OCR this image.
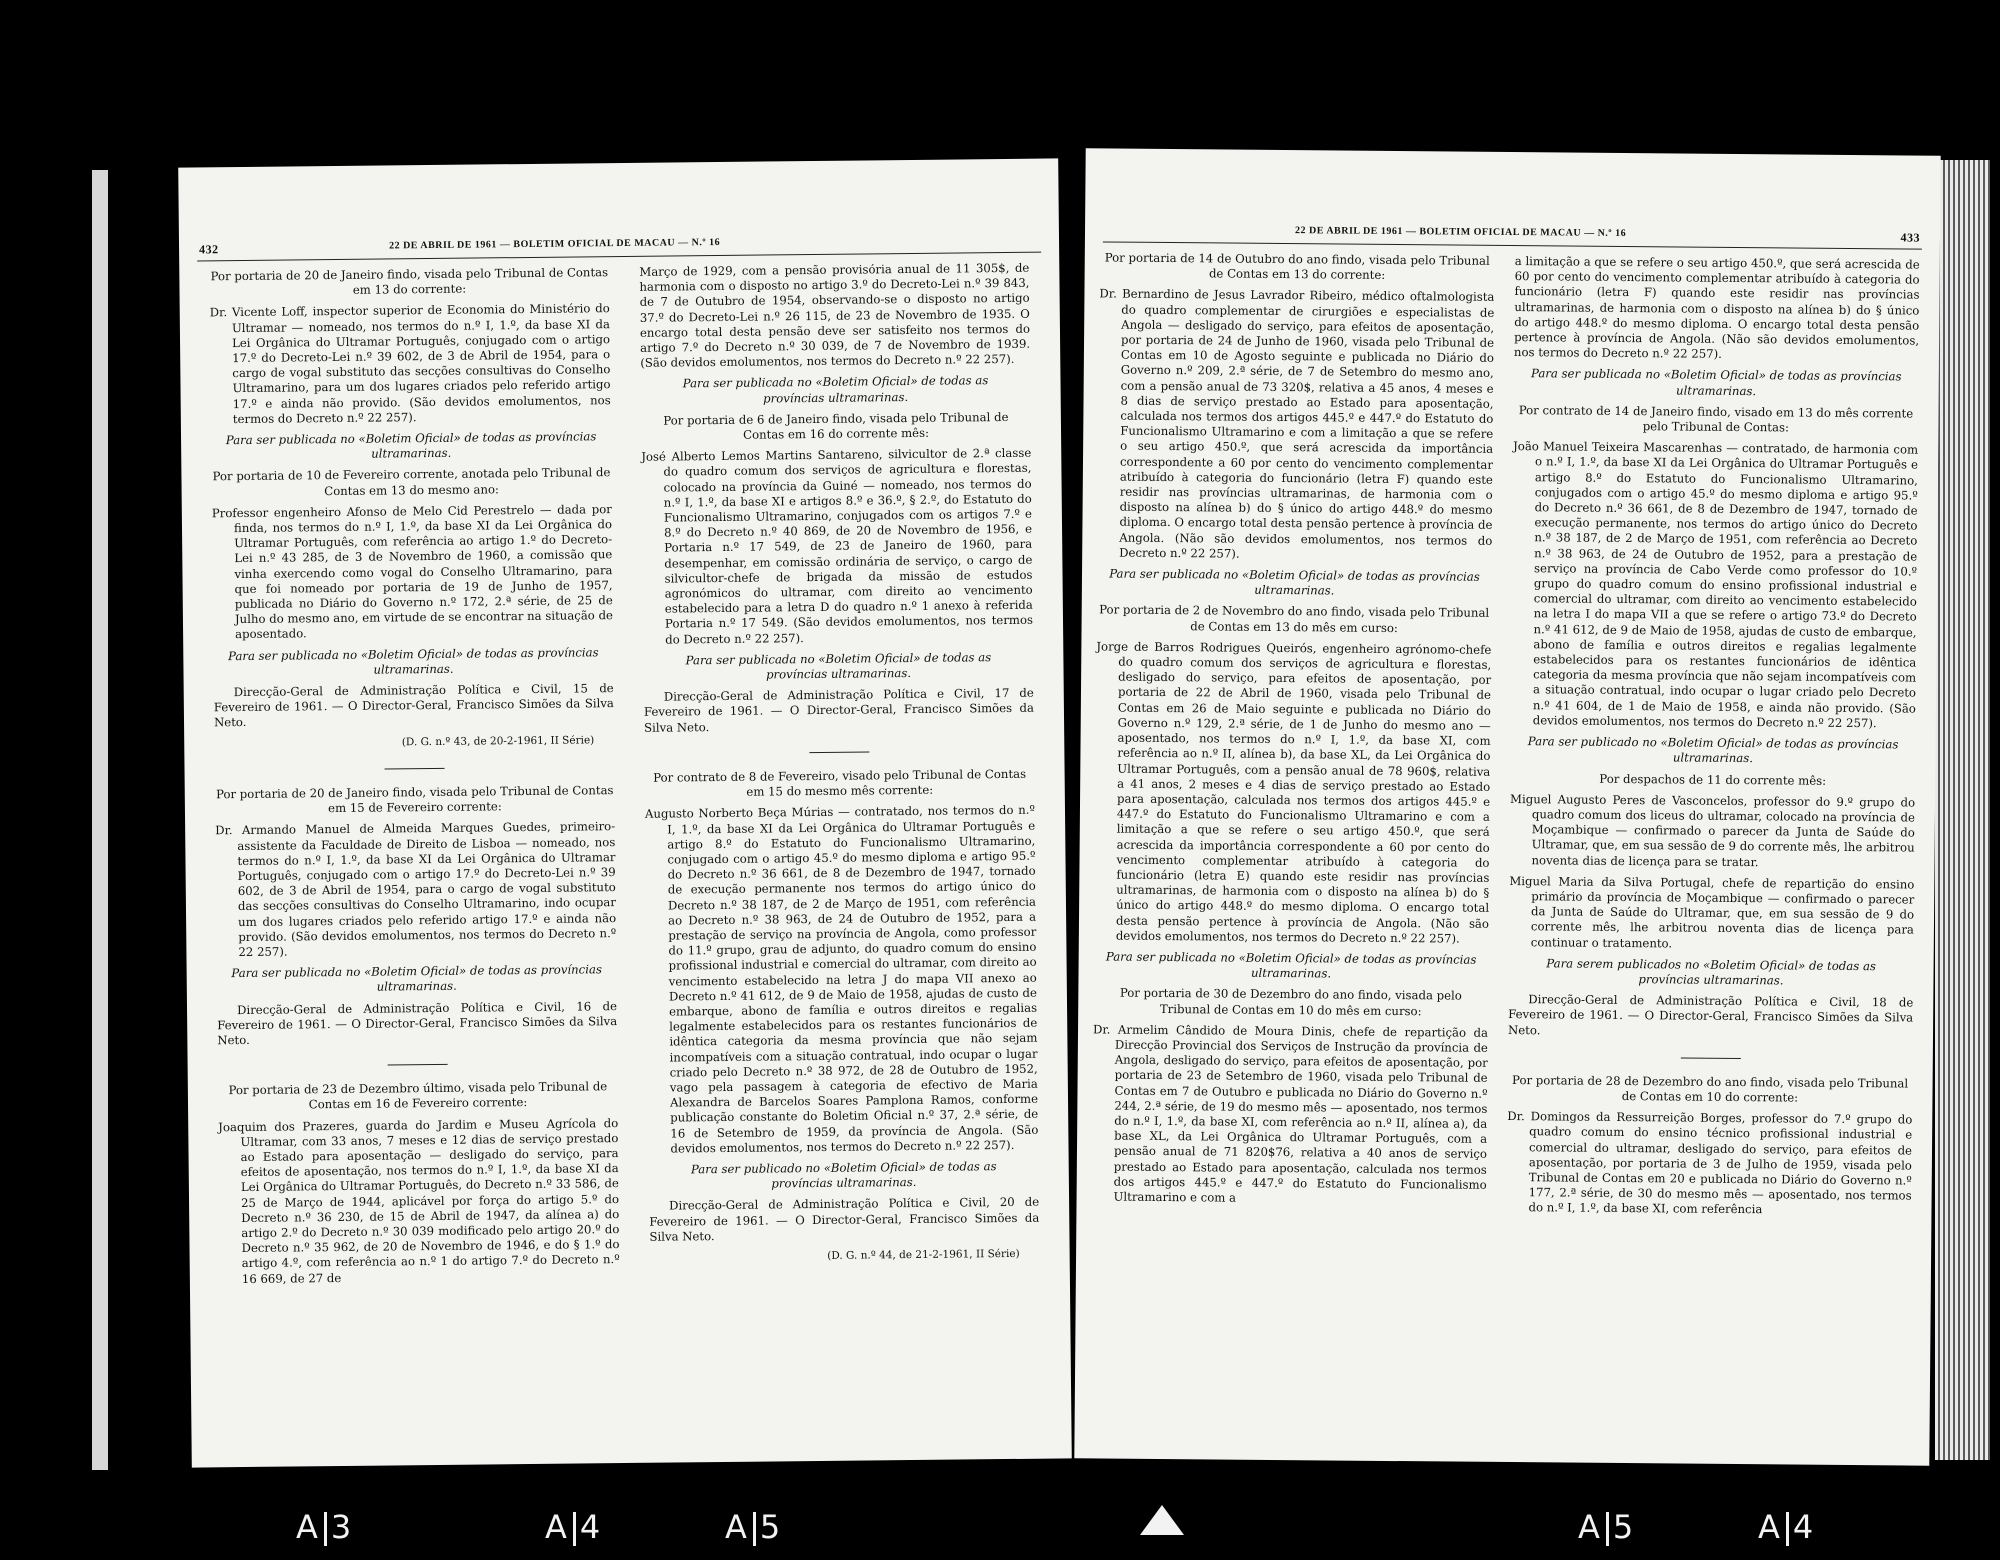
432	22 DE ABRIL DE 1961 — BOLETIM OFICIAL DE MACAU — N.º 16
Por portaria de 20 de Janeiro findo, visada pelo Tribunal de Contas em 13 do corrente:
Dr. Vicente Loff, inspector superior de Economia do Ministério do Ultramar — nomeado, nos termos do n.º I, 1.º, da base XI da Lei Orgânica do Ultramar Português, conjugado com o artigo 17.º do Decreto-Lei n.º 39 602, de 3 de Abril de 1954, para o cargo de vogal substituto das secções consultivas do Conselho Ultramarino, para um dos lugares criados pelo referido artigo 17.º e ainda não provido. (São devidos emolumentos, nos termos do Decreto n.º 22 257).
Para ser publicada no «Boletim Oficial» de todas as províncias ultramarinas.
Por portaria de 10 de Fevereiro corrente, anotada pelo Tribunal de Contas em 13 do mesmo ano:
Professor engenheiro Afonso de Melo Cid Perestrelo — dada por finda, nos termos do n.º I, 1.º, da base XI da Lei Orgânica do Ultramar Português, com referência ao artigo 1.º do Decreto-Lei n.º 43 285, de 3 de Novembro de 1960, a comissão que vinha exercendo como vogal do Conselho Ultramarino, para que foi nomeado por portaria de 19 de Junho de 1957, publicada no Diário do Governo n.º 172, 2.ª série, de 25 de Julho do mesmo ano, em virtude de se encontrar na situação de aposentado.
Para ser publicada no «Boletim Oficial» de todas as províncias ultramarinas.
Direcção-Geral de Administração Política e Civil, 15 de Fevereiro de 1961. — O Director-Geral, Francisco Simões da Silva Neto.
(D. G. n.º 43, de 20-2-1961, II Série)
Por portaria de 20 de Janeiro findo, visada pelo Tribunal de Contas em 15 de Fevereiro corrente:
Dr. Armando Manuel de Almeida Marques Guedes, primeiro-assistente da Faculdade de Direito de Lisboa — nomeado, nos termos do n.º I, 1.º, da base XI da Lei Orgânica do Ultramar Português, conjugado com o artigo 17.º do Decreto-Lei n.º 39 602, de 3 de Abril de 1954, para o cargo de vogal substituto das secções consultivas do Conselho Ultramarino, indo ocupar um dos lugares criados pelo referido artigo 17.º e ainda não provido. (São devidos emolumentos, nos termos do Decreto n.º 22 257).
Para ser publicada no «Boletim Oficial» de todas as províncias ultramarinas.
Direcção-Geral de Administração Política e Civil, 16 de Fevereiro de 1961. — O Director-Geral, Francisco Simões da Silva Neto.
Por portaria de 23 de Dezembro último, visada pelo Tribunal de Contas em 16 de Fevereiro corrente:
Joaquim dos Prazeres, guarda do Jardim e Museu Agrícola do Ultramar, com 33 anos, 7 meses e 12 dias de serviço prestado ao Estado para aposentação — desligado do serviço, para efeitos de aposentação, nos termos do n.º I, 1.º, da base XI da Lei Orgânica do Ultramar Português, do Decreto n.º 33 586, de 25 de Março de 1944, aplicável por força do artigo 5.º do Decreto n.º 36 230, de 15 de Abril de 1947, da alínea a) do artigo 2.º do Decreto n.º 30 039 modificado pelo artigo 20.º do Decreto n.º 35 962, de 20 de Novembro de 1946, e do § 1.º do artigo 4.º, com referência ao n.º 1 do artigo 7.º do Decreto n.º 16 669, de 27 de
Março de 1929, com a pensão provisória anual de 11 305$, de harmonia com o disposto no artigo 3.º do Decreto-Lei n.º 39 843, de 7 de Outubro de 1954, observando-se o disposto no artigo 37.º do Decreto-Lei n.º 26 115, de 23 de Novembro de 1935. O encargo total desta pensão deve ser satisfeito nos termos do artigo 7.º do Decreto n.º 30 039, de 7 de Novembro de 1939. (São devidos emolumentos, nos termos do Decreto n.º 22 257).
Para ser publicada no «Boletim Oficial» de todas as províncias ultramarinas.
Por portaria de 6 de Janeiro findo, visada pelo Tribunal de Contas em 16 do corrente mês:
José Alberto Lemos Martins Santareno, silvicultor de 2.ª classe do quadro comum dos serviços de agricultura e florestas, colocado na província da Guiné — nomeado, nos termos do n.º I, 1.º, da base XI e artigos 8.º e 36.º, § 2.º, do Estatuto do Funcionalismo Ultramarino, conjugados com os artigos 7.º e 8.º do Decreto n.º 40 869, de 20 de Novembro de 1956, e Portaria n.º 17 549, de 23 de Janeiro de 1960, para desempenhar, em comissão ordinária de serviço, o cargo de silvicultor-chefe de brigada da missão de estudos agronómicos do ultramar, com direito ao vencimento estabelecido para a letra D do quadro n.º 1 anexo à referida Portaria n.º 17 549. (São devidos emolumentos, nos termos do Decreto n.º 22 257).
Para ser publicada no «Boletim Oficial» de todas as províncias ultramarinas.
Direcção-Geral de Administração Política e Civil, 17 de Fevereiro de 1961. — O Director-Geral, Francisco Simões da Silva Neto.
Por contrato de 8 de Fevereiro, visado pelo Tribunal de Contas em 15 do mesmo mês corrente:
Augusto Norberto Beça Múrias — contratado, nos termos do n.º I, 1.º, da base XI da Lei Orgânica do Ultramar Português e artigo 8.º do Estatuto do Funcionalismo Ultramarino, conjugado com o artigo 45.º do mesmo diploma e artigo 95.º do Decreto n.º 36 661, de 8 de Dezembro de 1947, tornado de execução permanente nos termos do artigo único do Decreto n.º 38 187, de 2 de Março de 1951, com referência ao Decreto n.º 38 963, de 24 de Outubro de 1952, para a prestação de serviço na província de Angola, como professor do 11.º grupo, grau de adjunto, do quadro comum do ensino profissional industrial e comercial do ultramar, com direito ao vencimento estabelecido na letra J do mapa VII anexo ao Decreto n.º 41 612, de 9 de Maio de 1958, ajudas de custo de embarque, abono de família e outros direitos e regalias legalmente estabelecidos para os restantes funcionários de idêntica categoria da mesma província que não sejam incompatíveis com a situação contratual, indo ocupar o lugar criado pelo Decreto n.º 38 972, de 28 de Outubro de 1952, vago pela passagem à categoria de efectivo de Maria Alexandra de Barcelos Soares Pamplona Ramos, conforme publicação constante do Boletim Oficial n.º 37, 2.ª série, de 16 de Setembro de 1959, da província de Angola. (São devidos emolumentos, nos termos do Decreto n.º 22 257).
Para ser publicado no «Boletim Oficial» de todas as províncias ultramarinas.
Direcção-Geral de Administração Política e Civil, 20 de Fevereiro de 1961. — O Director-Geral, Francisco Simões da Silva Neto.
(D. G. n.º 44, de 21-2-1961, II Série)
22 DE ABRIL DE 1961 — BOLETIM OFICIAL DE MACAU — N.º 16	433
Por portaria de 14 de Outubro do ano findo, visada pelo Tribunal de Contas em 13 do corrente:
Dr. Bernardino de Jesus Lavrador Ribeiro, médico oftalmologista do quadro complementar de cirurgiões e especialistas de Angola — desligado do serviço, para efeitos de aposentação, por portaria de 24 de Junho de 1960, visada pelo Tribunal de Contas em 10 de Agosto seguinte e publicada no Diário do Governo n.º 209, 2.ª série, de 7 de Setembro do mesmo ano, com a pensão anual de 73 320$, relativa a 45 anos, 4 meses e 8 dias de serviço prestado ao Estado para aposentação, calculada nos termos dos artigos 445.º e 447.º do Estatuto do Funcionalismo Ultramarino e com a limitação a que se refere o seu artigo 450.º, que será acrescida da importância correspondente a 60 por cento do vencimento complementar atribuído à categoria do funcionário (letra F) quando este residir nas províncias ultramarinas, de harmonia com o disposto na alínea b) do § único do artigo 448.º do mesmo diploma. O encargo total desta pensão pertence à província de Angola. (Não são devidos emolumentos, nos termos do Decreto n.º 22 257).
Para ser publicada no «Boletim Oficial» de todas as províncias ultramarinas.
Por portaria de 2 de Novembro do ano findo, visada pelo Tribunal de Contas em 13 do mês em curso:
Jorge de Barros Rodrigues Queirós, engenheiro agrónomo-chefe do quadro comum dos serviços de agricultura e florestas, desligado do serviço, para efeitos de aposentação, por portaria de 22 de Abril de 1960, visada pelo Tribunal de Contas em 26 de Maio seguinte e publicada no Diário do Governo n.º 129, 2.ª série, de 1 de Junho do mesmo ano — aposentado, nos termos do n.º I, 1.º, da base XI, com referência ao n.º II, alínea b), da base XL, da Lei Orgânica do Ultramar Português, com a pensão anual de 78 960$, relativa a 41 anos, 2 meses e 4 dias de serviço prestado ao Estado para aposentação, calculada nos termos dos artigos 445.º e 447.º do Estatuto do Funcionalismo Ultramarino e com a limitação a que se refere o seu artigo 450.º, que será acrescida da importância correspondente a 60 por cento do vencimento complementar atribuído à categoria do funcionário (letra E) quando este residir nas províncias ultramarinas, de harmonia com o disposto na alínea b) do § único do artigo 448.º do mesmo diploma. O encargo total desta pensão pertence à província de Angola. (Não são devidos emolumentos, nos termos do Decreto n.º 22 257).
Para ser publicada no «Boletim Oficial» de todas as províncias ultramarinas.
Por portaria de 30 de Dezembro do ano findo, visada pelo Tribunal de Contas em 10 do mês em curso:
Dr. Armelim Cândido de Moura Dinis, chefe de repartição da Direcção Provincial dos Serviços de Instrução da província de Angola, desligado do serviço, para efeitos de aposentação, por portaria de 23 de Setembro de 1960, visada pelo Tribunal de Contas em 7 de Outubro e publicada no Diário do Governo n.º 244, 2.ª série, de 19 do mesmo mês — aposentado, nos termos do n.º I, 1.º, da base XI, com referência ao n.º II, alínea a), da base XL, da Lei Orgânica do Ultramar Português, com a pensão anual de 71 820$76, relativa a 40 anos de serviço prestado ao Estado para aposentação, calculada nos termos dos artigos 445.º e 447.º do Estatuto do Funcionalismo Ultramarino e com a
a limitação a que se refere o seu artigo 450.º, que será acrescida de 60 por cento do vencimento complementar atribuído à categoria do funcionário (letra F) quando este residir nas províncias ultramarinas, de harmonia com o disposto na alínea b) do § único do artigo 448.º do mesmo diploma. O encargo total desta pensão pertence à província de Angola. (Não são devidos emolumentos, nos termos do Decreto n.º 22 257).
Para ser publicada no «Boletim Oficial» de todas as províncias ultramarinas.
Por contrato de 14 de Janeiro findo, visado em 13 do mês corrente pelo Tribunal de Contas:
João Manuel Teixeira Mascarenhas — contratado, de harmonia com o n.º I, 1.º, da base XI da Lei Orgânica do Ultramar Português e artigo 8.º do Estatuto do Funcionalismo Ultramarino, conjugados com o artigo 45.º do mesmo diploma e artigo 95.º do Decreto n.º 36 661, de 8 de Dezembro de 1947, tornado de execução permanente, nos termos do artigo único do Decreto n.º 38 187, de 2 de Março de 1951, com referência ao Decreto n.º 38 963, de 24 de Outubro de 1952, para a prestação de serviço na província de Cabo Verde como professor do 10.º grupo do quadro comum do ensino profissional industrial e comercial do ultramar, com direito ao vencimento estabelecido na letra I do mapa VII a que se refere o artigo 73.º do Decreto n.º 41 612, de 9 de Maio de 1958, ajudas de custo de embarque, abono de família e outros direitos e regalias legalmente estabelecidos para os restantes funcionários de idêntica categoria da mesma província que não sejam incompatíveis com a situação contratual, indo ocupar o lugar criado pelo Decreto n.º 41 604, de 1 de Maio de 1958, e ainda não provido. (São devidos emolumentos, nos termos do Decreto n.º 22 257).
Para ser publicado no «Boletim Oficial» de todas as províncias ultramarinas.
Por despachos de 11 do corrente mês:
Miguel Augusto Peres de Vasconcelos, professor do 9.º grupo do quadro comum dos liceus do ultramar, colocado na província de Moçambique — confirmado o parecer da Junta de Saúde do Ultramar, que, em sua sessão de 9 do corrente mês, lhe arbitrou noventa dias de licença para se tratar.
Miguel Maria da Silva Portugal, chefe de repartição do ensino primário da província de Moçambique — confirmado o parecer da Junta de Saúde do Ultramar, que, em sua sessão de 9 do corrente mês, lhe arbitrou noventa dias de licença para continuar o tratamento.
Para serem publicados no «Boletim Oficial» de todas as províncias ultramarinas.
Direcção-Geral de Administração Política e Civil, 18 de Fevereiro de 1961. — O Director-Geral, Francisco Simões da Silva Neto.
Por portaria de 28 de Dezembro do ano findo, visada pelo Tribunal de Contas em 10 do corrente:
Dr. Domingos da Ressurreição Borges, professor do 7.º grupo do quadro comum do ensino técnico profissional industrial e comercial do ultramar, desligado do serviço, para efeitos de aposentação, por portaria de 3 de Julho de 1959, visada pelo Tribunal de Contas em 20 e publicada no Diário do Governo n.º 177, 2.ª série, de 30 do mesmo mês — aposentado, nos termos do n.º I, 1.º, da base XI, com referência
A 3	A 4	A 5	A 5	A 4
